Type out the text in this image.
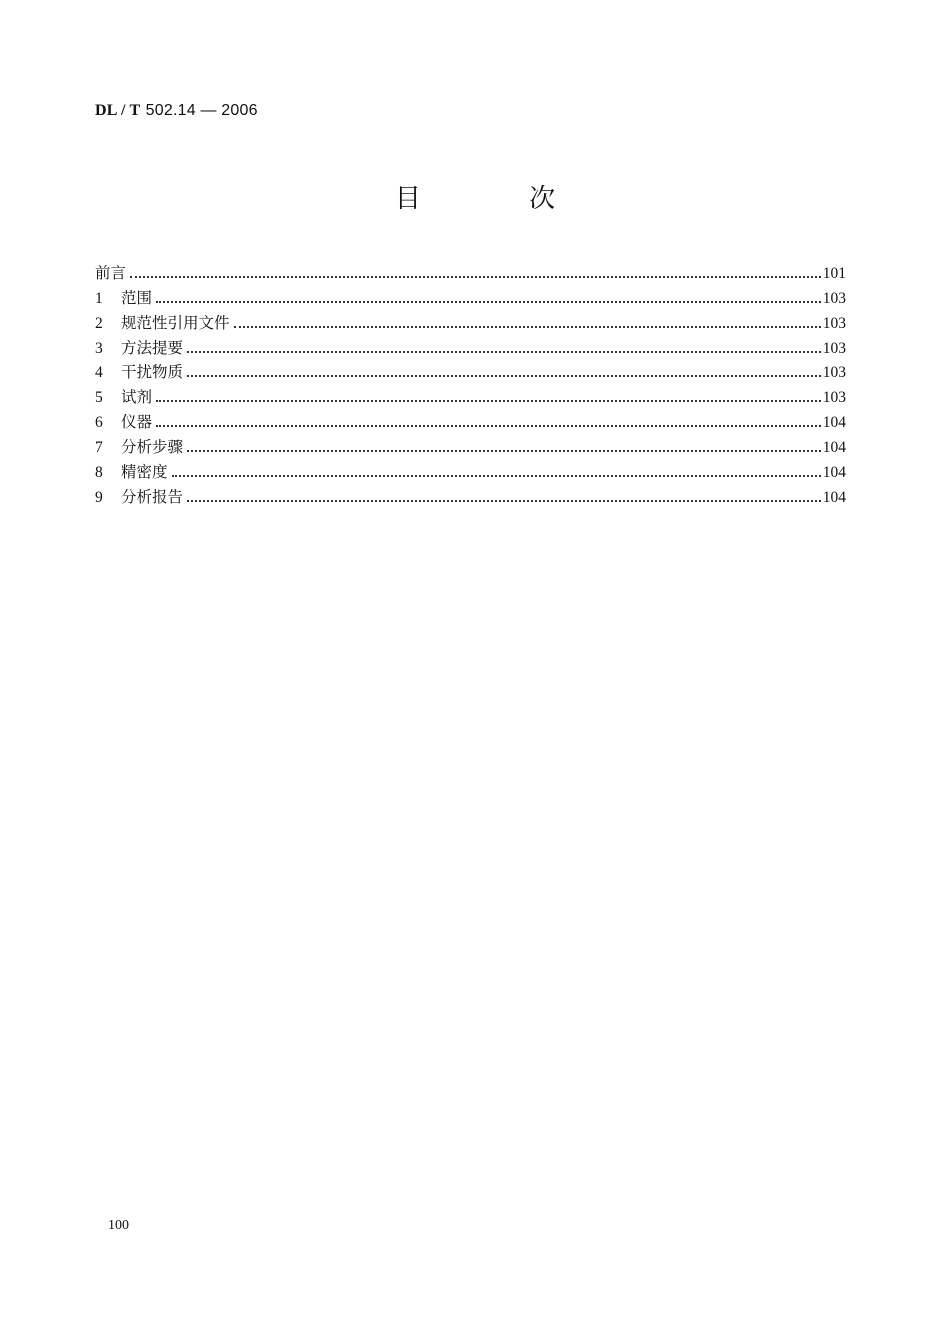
DL / T 502.14 — 2006
目 次
前言	101
1	范围	103
2	规范性引用文件	103
3	方法提要	103
4	干扰物质	103
5	试剂	103
6	仪器	104
7	分析步骤	104
8	精密度	104
9	分析报告	104
100
